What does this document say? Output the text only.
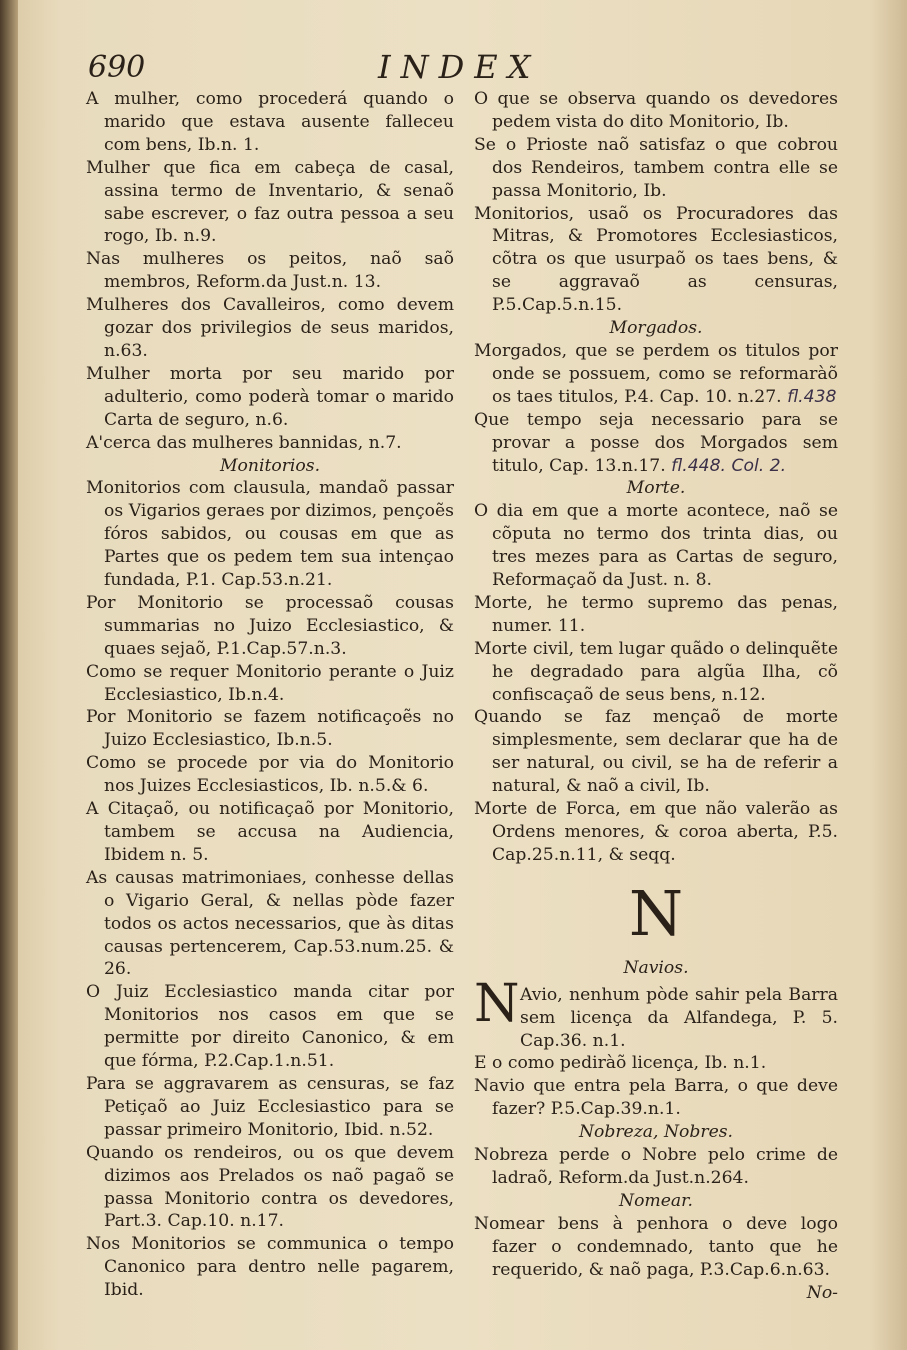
690	INDEX

A mulher, como procederá quando o marido que estava ausente falleceu com bens, Ib.n. 1.

Mulher que fica em cabeça de casal, assina termo de Inventario, & senaõ sabe escrever, o faz outra pessoa a seu rogo, Ib. n.9.

Nas mulheres os peitos, naõ saõ membros, Reform.da Just.n. 13.

Mulheres dos Cavalleiros, como devem gozar dos privilegios de seus maridos, n.63.

Mulher morta por seu marido por adulterio, como poderà tomar o marido Carta de seguro, n.6.

A'cerca das mulheres bannidas, n.7.

Monitorios.

Monitorios com clausula, mandaõ passar os Vigarios geraes por dizimos, pençoẽs fóros sabidos, ou cousas em que as Partes que os pedem tem sua intençao fundada, P.1. Cap.53.n.21.

Por Monitorio se processaõ cousas summarias no Juizo Ecclesiastico, & quaes sejaõ, P.1.Cap.57.n.3.

Como se requer Monitorio perante o Juiz Ecclesiastico, Ib.n.4.

Por Monitorio se fazem notificaçoẽs no Juizo Ecclesiastico, Ib.n.5.

Como se procede por via do Monitorio nos Juizes Ecclesiasticos, Ib. n.5.& 6.

A Citaçaõ, ou notificaçaõ por Monitorio, tambem se accusa na Audiencia, Ibidem n. 5.

As causas matrimoniaes, conhesse dellas o Vigario Geral, & nellas pòde fazer todos os actos necessarios, que às ditas causas pertencerem, Cap.53.num.25. & 26.

O Juiz Ecclesiastico manda citar por Monitorios nos casos em que se permitte por direito Canonico, & em que fórma, P.2.Cap.1.n.51.

Para se aggravarem as censuras, se faz Petiçaõ ao Juiz Ecclesiastico para se passar primeiro Monitorio, Ibid. n.52.

Quando os rendeiros, ou os que devem dizimos aos Prelados os naõ pagaõ se passa Monitorio contra os devedores, Part.3. Cap.10. n.17.

Nos Monitorios se communica o tempo Canonico para dentro nelle pagarem, Ibid.

O que se observa quando os devedores pedem vista do dito Monitorio, Ib.

Se o Prioste naõ satisfaz o que cobrou dos Rendeiros, tambem contra elle se passa Monitorio, Ib.

Monitorios, usaõ os Procuradores das Mitras, & Promotores Ecclesiasticos, cõtra os que usurpaõ os taes bens, & se aggravaõ as censuras, P.5.Cap.5.n.15.

Morgados.

Morgados, que se perdem os titulos por onde se possuem, como se reformaràõ os taes titulos, P.4. Cap. 10. n.27. fl.438

Que tempo seja necessario para se provar a posse dos Morgados sem titulo, Cap. 13.n.17. fl.448. Col. 2.

Morte.

O dia em que a morte acontece, naõ se cõputa no termo dos trinta dias, ou tres mezes para as Cartas de seguro, Reformaçaõ da Just. n. 8.

Morte, he termo supremo das penas, numer. 11.

Morte civil, tem lugar quãdo o delinquẽte he degradado para algũa Ilha, cõ confiscaçaõ de seus bens, n.12.

Quando se faz mençaõ de morte simplesmente, sem declarar que ha de ser natural, ou civil, se ha de referir a natural, & naõ a civil, Ib.

Morte de Forca, em que não valerão as Ordens menores, & coroa aberta, P.5. Cap.25.n.11, & seqq.

N

Navios.

N Avio, nenhum pòde sahir pela Barra sem licença da Alfandega, P. 5. Cap.36. n.1.

E o como pediràõ licença, Ib. n.1.

Navio que entra pela Barra, o que deve fazer? P.5.Cap.39.n.1.

Nobreza, Nobres.

Nobreza perde o Nobre pelo crime de ladraõ, Reform.da Just.n.264.

Nomear.

Nomear bens à penhora o deve logo fazer o condemnado, tanto que he requerido, & naõ paga, P.3.Cap.6.n.63.

No-
